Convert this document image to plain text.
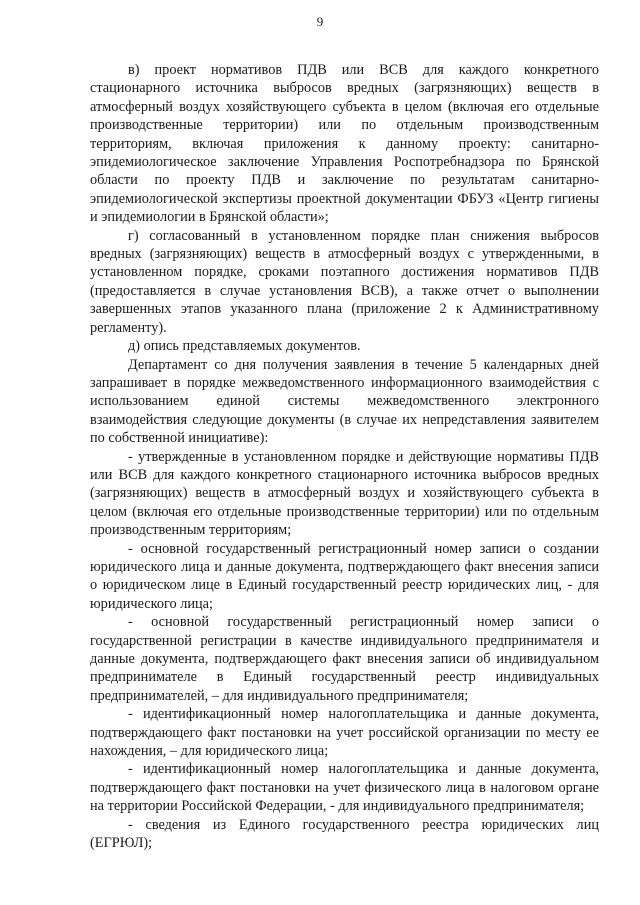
9

в) проект нормативов ПДВ или ВСВ для каждого конкретного стационарного источника выбросов вредных (загрязняющих) веществ в атмосферный воздух хозяйствующего субъекта в целом (включая его отдельные производственные территории) или по отдельным производственным территориям, включая приложения к данному проекту: санитарно-эпидемиологическое заключение Управления Роспотребнадзора по Брянской области по проекту ПДВ и заключение по результатам санитарно-эпидемиологической экспертизы проектной документации ФБУЗ «Центр гигиены и эпидемиологии в Брянской области»;

г) согласованный в установленном порядке план снижения выбросов вредных (загрязняющих) веществ в атмосферный воздух с утвержденными, в установленном порядке, сроками поэтапного достижения нормативов ПДВ (предоставляется в случае установления ВСВ), а также отчет о выполнении завершенных этапов указанного плана (приложение 2 к Административному регламенту).

д) опись представляемых документов.

Департамент со дня получения заявления в течение 5 календарных дней запрашивает в порядке межведомственного информационного взаимодействия с использованием единой системы межведомственного электронного взаимодействия следующие документы (в случае их непредставления заявителем по собственной инициативе):

- утвержденные в установленном порядке и действующие нормативы ПДВ или ВСВ для каждого конкретного стационарного источника выбросов вредных (загрязняющих) веществ в атмосферный воздух и хозяйствующего субъекта в целом (включая его отдельные производственные территории) или по отдельным производственным территориям;

- основной государственный регистрационный номер записи о создании юридического лица и данные документа, подтверждающего факт внесения записи о юридическом лице в Единый государственный реестр юридических лиц, - для юридического лица;

- основной государственный регистрационный номер записи о государственной регистрации в качестве индивидуального предпринимателя и данные документа, подтверждающего факт внесения записи об индивидуальном предпринимателе в Единый государственный реестр индивидуальных предпринимателей, – для индивидуального предпринимателя;

- идентификационный номер налогоплательщика и данные документа, подтверждающего факт постановки на учет российской организации по месту ее нахождения, – для юридического лица;

- идентификационный номер налогоплательщика и данные документа, подтверждающего факт постановки на учет физического лица в налоговом органе на территории Российской Федерации, - для индивидуального предпринимателя;

- сведения из Единого государственного реестра юридических лиц (ЕГРЮЛ);
